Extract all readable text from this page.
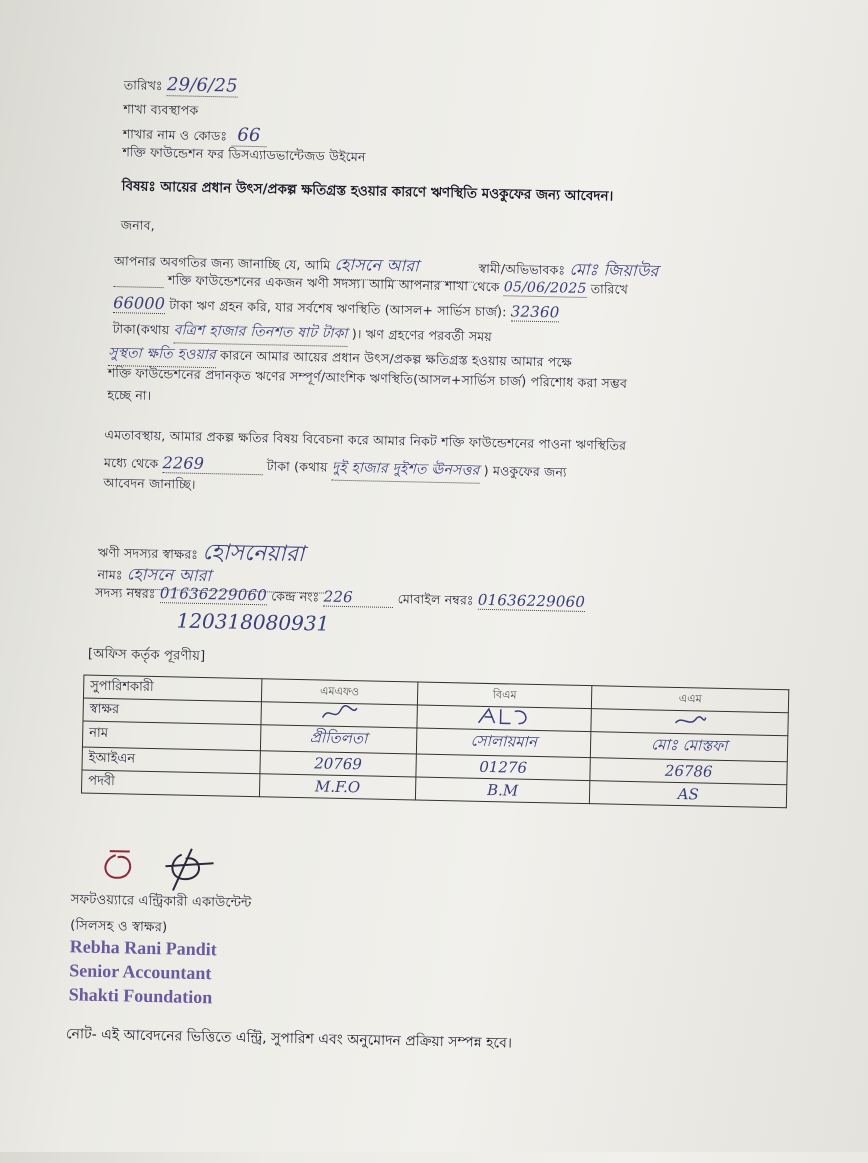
তারিখঃ 29/6/25
শাখা ব্যবস্থাপক
শাখার নাম ও কোডঃ 66
শক্তি ফাউন্ডেশন ফর ডিসএ্যাডভান্টেজড উইমেন
বিষয়ঃ আয়ের প্রধান উৎস/প্রকল্প ক্ষতিগ্রস্ত হওয়ার কারণে ঋণস্থিতি মওকুফের জন্য আবেদন।
জনাব,
আপনার অবগতির জন্য জানাচ্ছি যে, আমি হোসনে আরা	স্বামী/অভিভাবকঃ মোঃ জিয়াউর
শক্তি ফাউন্ডেশনের একজন ঋণী সদস্য। আমি আপনার শাখা থেকে 05/06/2025 তারিখে
66000 টাকা ঋণ গ্রহন করি, যার সর্বশেষ ঋণস্থিতি (আসল+ সার্ভিস চার্জ): 32360
টাকা(কথায় বত্রিশ হাজার তিনশত ষাট টাকা )। ঋণ গ্রহণের পরবর্তী সময়
সুস্থতা ক্ষতি হওয়ার কারনে আমার আয়ের প্রধান উৎস/প্রকল্প ক্ষতিগ্রস্ত হওয়ায় আমার পক্ষে
শক্তি ফাউন্ডেশনের প্রদানকৃত ঋণের সম্পূর্ণ/আংশিক ঋণস্থিতি(আসল+সার্ভিস চার্জ) পরিশোধ করা সম্ভব
হচ্ছে না।
এমতাবস্থায়, আমার প্রকল্প ক্ষতির বিষয় বিবেচনা করে আমার নিকট শক্তি ফাউন্ডেশনের পাওনা ঋণস্থিতির
মধ্যে থেকে 2269	টাকা (কথায় দুই হাজার দুইশত ঊনসত্তর ) মওকুফের জন্য
আবেদন জানাচ্ছি।
ঋণী সদস্যর স্বাক্ষরঃ হোসনেয়ারা
নামঃ হোসনে আরা
সদস্য নম্বরঃ 01636229060 কেন্দ্র নংঃ 226	মোবাইল নম্বরঃ 01636229060
120318080931
[অফিস কর্তৃক পূরণীয়]
সুপারিশকারী	এমএফও	বিএম	এএম
স্বাক্ষর			
নাম	প্রীতিলতা	সোলায়মান	মোঃ মোস্তফা
ইআইএন	20769	01276	26786
পদবী	M.F.O	B.M	AS
সফটওয়্যারে এন্ট্রিকারী একাউন্টেন্ট
(সিলসহ ও স্বাক্ষর)
Rebha Rani Pandit
Senior Accountant
Shakti Foundation
নোট- এই আবেদনের ভিত্তিতে এন্ট্রি, সুপারিশ এবং অনুমোদন প্রক্রিয়া সম্পন্ন হবে।
